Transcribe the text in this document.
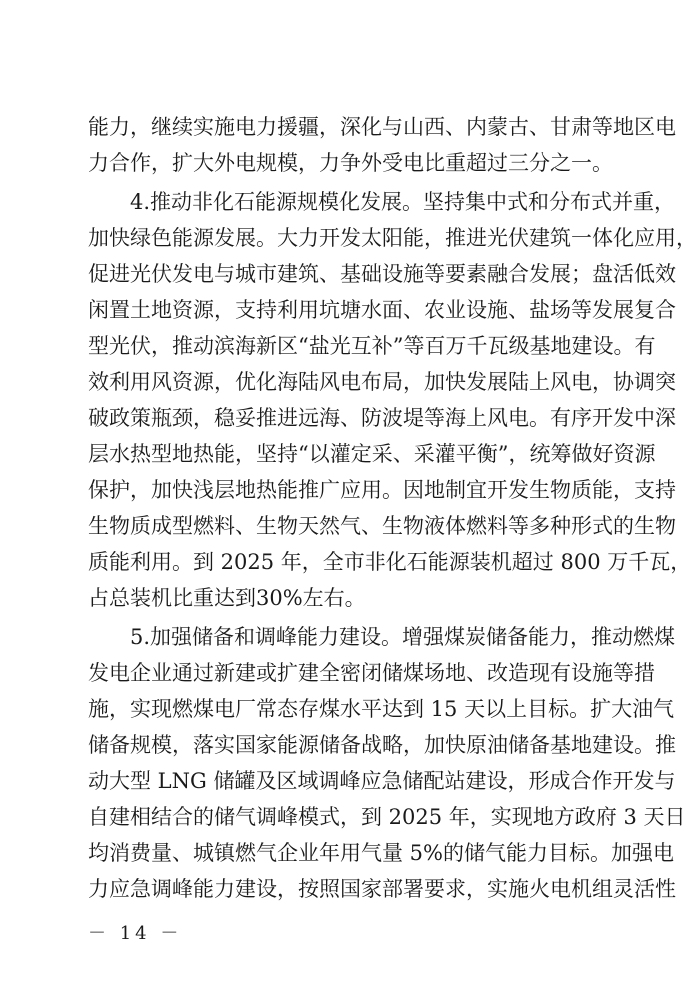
能力，继续实施电力援疆，深化与山西、内蒙古、甘肃等地区电
力合作，扩大外电规模，力争外受电比重超过三分之一。
4.推动非化石能源规模化发展。坚持集中式和分布式并重，
加快绿色能源发展。大力开发太阳能，推进光伏建筑一体化应用，
促进光伏发电与城市建筑、基础设施等要素融合发展；盘活低效
闲置土地资源，支持利用坑塘水面、农业设施、盐场等发展复合
型光伏，推动滨海新区“盐光互补”等百万千瓦级基地建设。有
效利用风资源，优化海陆风电布局，加快发展陆上风电，协调突
破政策瓶颈，稳妥推进远海、防波堤等海上风电。有序开发中深
层水热型地热能，坚持“以灌定采、采灌平衡”，统筹做好资源
保护，加快浅层地热能推广应用。因地制宜开发生物质能，支持
生物质成型燃料、生物天然气、生物液体燃料等多种形式的生物
质能利用。到 2025 年，全市非化石能源装机超过 800 万千瓦，
占总装机比重达到30%左右。
5.加强储备和调峰能力建设。增强煤炭储备能力，推动燃煤
发电企业通过新建或扩建全密闭储煤场地、改造现有设施等措
施，实现燃煤电厂常态存煤水平达到 15 天以上目标。扩大油气
储备规模，落实国家能源储备战略，加快原油储备基地建设。推
动大型 LNG 储罐及区域调峰应急储配站建设，形成合作开发与
自建相结合的储气调峰模式，到 2025 年，实现地方政府 3 天日
均消费量、城镇燃气企业年用气量 5%的储气能力目标。加强电
力应急调峰能力建设，按照国家部署要求，实施火电机组灵活性
－ 14 －
